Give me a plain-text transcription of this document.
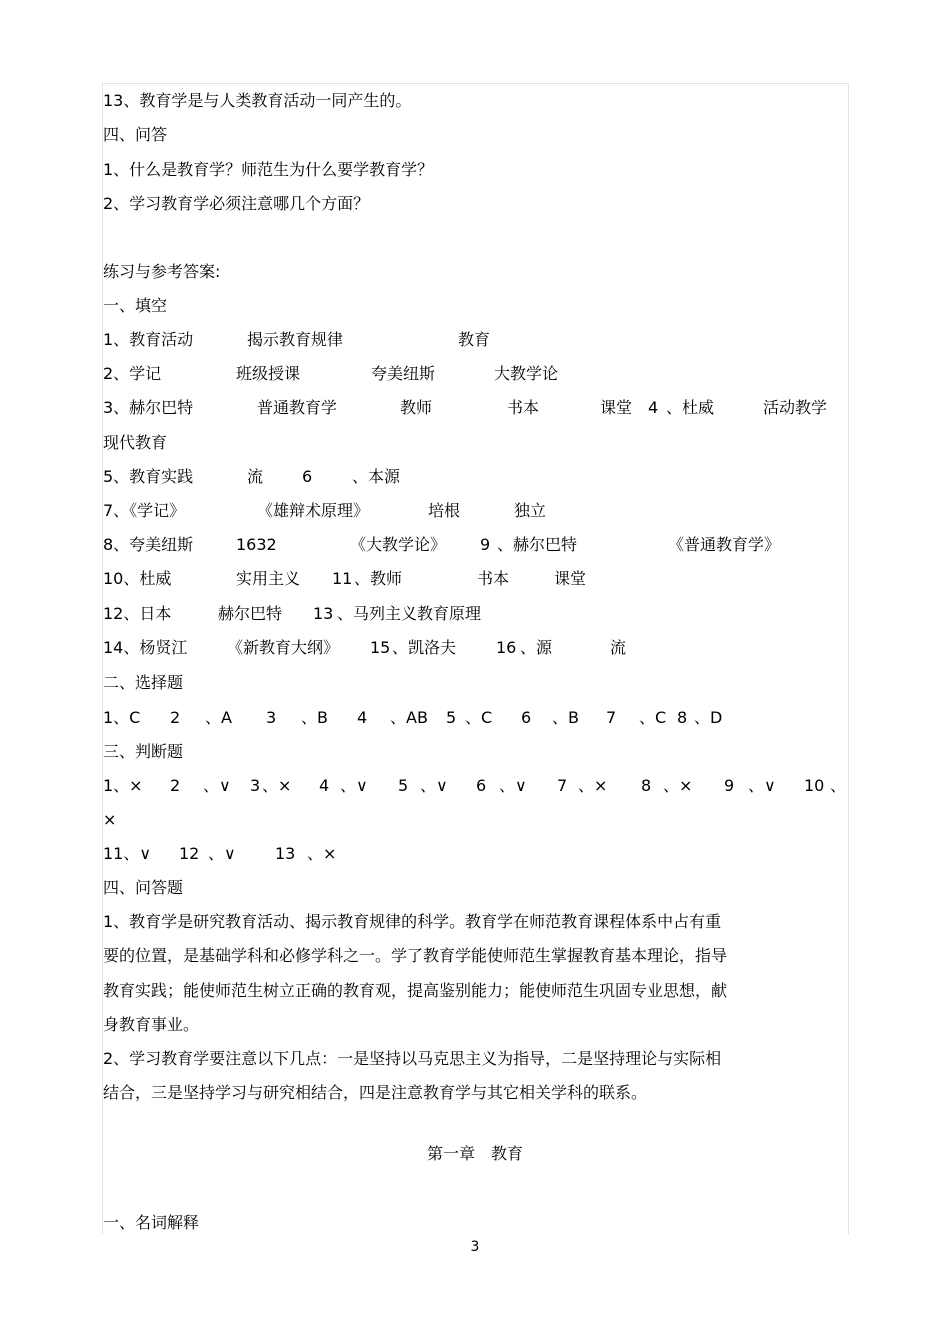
13、教育学是与人类教育活动一同产生的。

四、问答

1、什么是教育学？师范生为什么要学教育学？

2、学习教育学必须注意哪几个方面？

练习与参考答案:

一、填空

1、教育活动	揭示教育规律	教育
2、学记	班级授课	夸美纽斯	大教学论
3、赫尔巴特	普通教育学	教师	书本	课堂 4 、杜威	活动教学

现代教育

5、教育实践	流 6 、本源
7、《学记》	《雄辩术原理》	培根	独立
8、夸美纽斯	1632	《大教学论》 9 、赫尔巴特	《普通教育学》
10、杜威	实用主义 11 、教师	书本	课堂
12、日本	赫尔巴特 13 、马列主义教育原理
14、杨贤江 《新教育大纲》 15 、凯洛夫 16 、源	流

二、选择题

1、C 2 、A 3 、B 4 、AB 5 、C 6 、B 7 、C 8 、D

三、判断题

1、× 2 、∨ 3 、× 4 、∨ 5 、∨ 6 、∨ 7 、× 8 、× 9 、∨ 10 、

×

11、∨ 12 、∨ 13 、×

四、问答题

1、教育学是研究教育活动、揭示教育规律的科学。教育学在师范教育课程体系中占有重

要的位置，是基础学科和必修学科之一。学了教育学能使师范生掌握教育基本理论，指导

教育实践；能使师范生树立正确的教育观，提高鉴别能力；能使师范生巩固专业思想，献

身教育事业。

2、学习教育学要注意以下几点：一是坚持以马克思主义为指导，二是坚持理论与实际相

结合，三是坚持学习与研究相结合，四是注意教育学与其它相关学科的联系。

第一章　教育

一、名词解释

3
